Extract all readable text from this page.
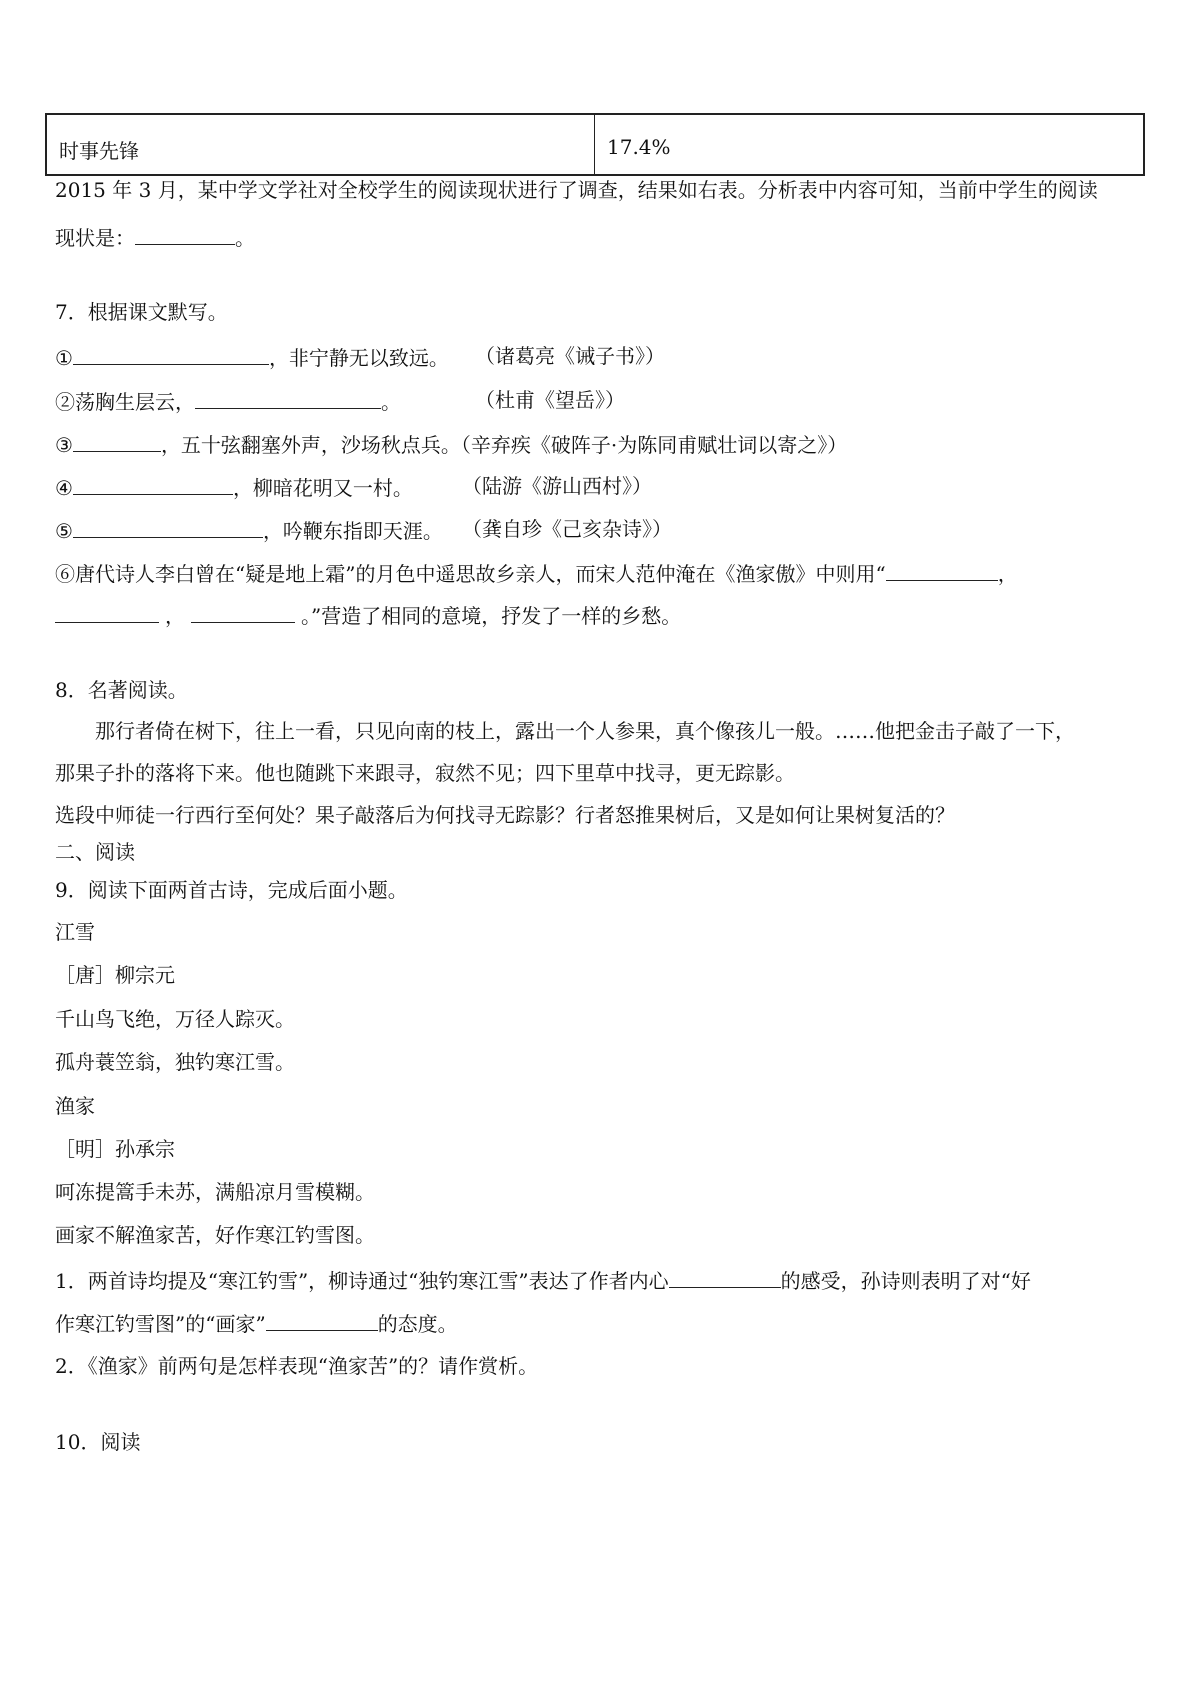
时事先锋	17.4%
2015 年 3 月，某中学文学社对全校学生的阅读现状进行了调查，结果如右表。分析表中内容可知，当前中学生的阅读
现状是：	。
7．根据课文默写。
①	，非宁静无以致远。 （诸葛亮《诫子书》）
②荡胸生层云，	。	（杜甫《望岳》）
③	，五十弦翻塞外声，沙场秋点兵。（辛弃疾《破阵子·为陈同甫赋壮词以寄之》）
④	，柳暗花明又一村。 （陆游《游山西村》）
⑤	，吟鞭东指即天涯。 （龚自珍《己亥杂诗》）
⑥唐代诗人李白曾在“疑是地上霜”的月色中遥思故乡亲人，而宋人范仲淹在《渔家傲》中则用“	，
，	。”营造了相同的意境，抒发了一样的乡愁。
8．名著阅读。
那行者倚在树下，往上一看，只见向南的枝上，露出一个人参果，真个像孩儿一般。……他把金击子敲了一下，
那果子扑的落将下来。他也随跳下来跟寻，寂然不见；四下里草中找寻，更无踪影。
选段中师徒一行西行至何处？果子敲落后为何找寻无踪影？行者怒推果树后，又是如何让果树复活的？
二、阅读
9．阅读下面两首古诗，完成后面小题。
江雪
［唐］柳宗元
千山鸟飞绝，万径人踪灭。
孤舟蓑笠翁，独钓寒江雪。
渔家
［明］孙承宗
呵冻提篙手未苏，满船凉月雪模糊。
画家不解渔家苦，好作寒江钓雪图。
1．两首诗均提及“寒江钓雪”，柳诗通过“独钓寒江雪”表达了作者内心	的感受，孙诗则表明了对“好
作寒江钓雪图”的“画家”	的态度。
2．《渔家》前两句是怎样表现“渔家苦”的？请作赏析。
10．阅读
